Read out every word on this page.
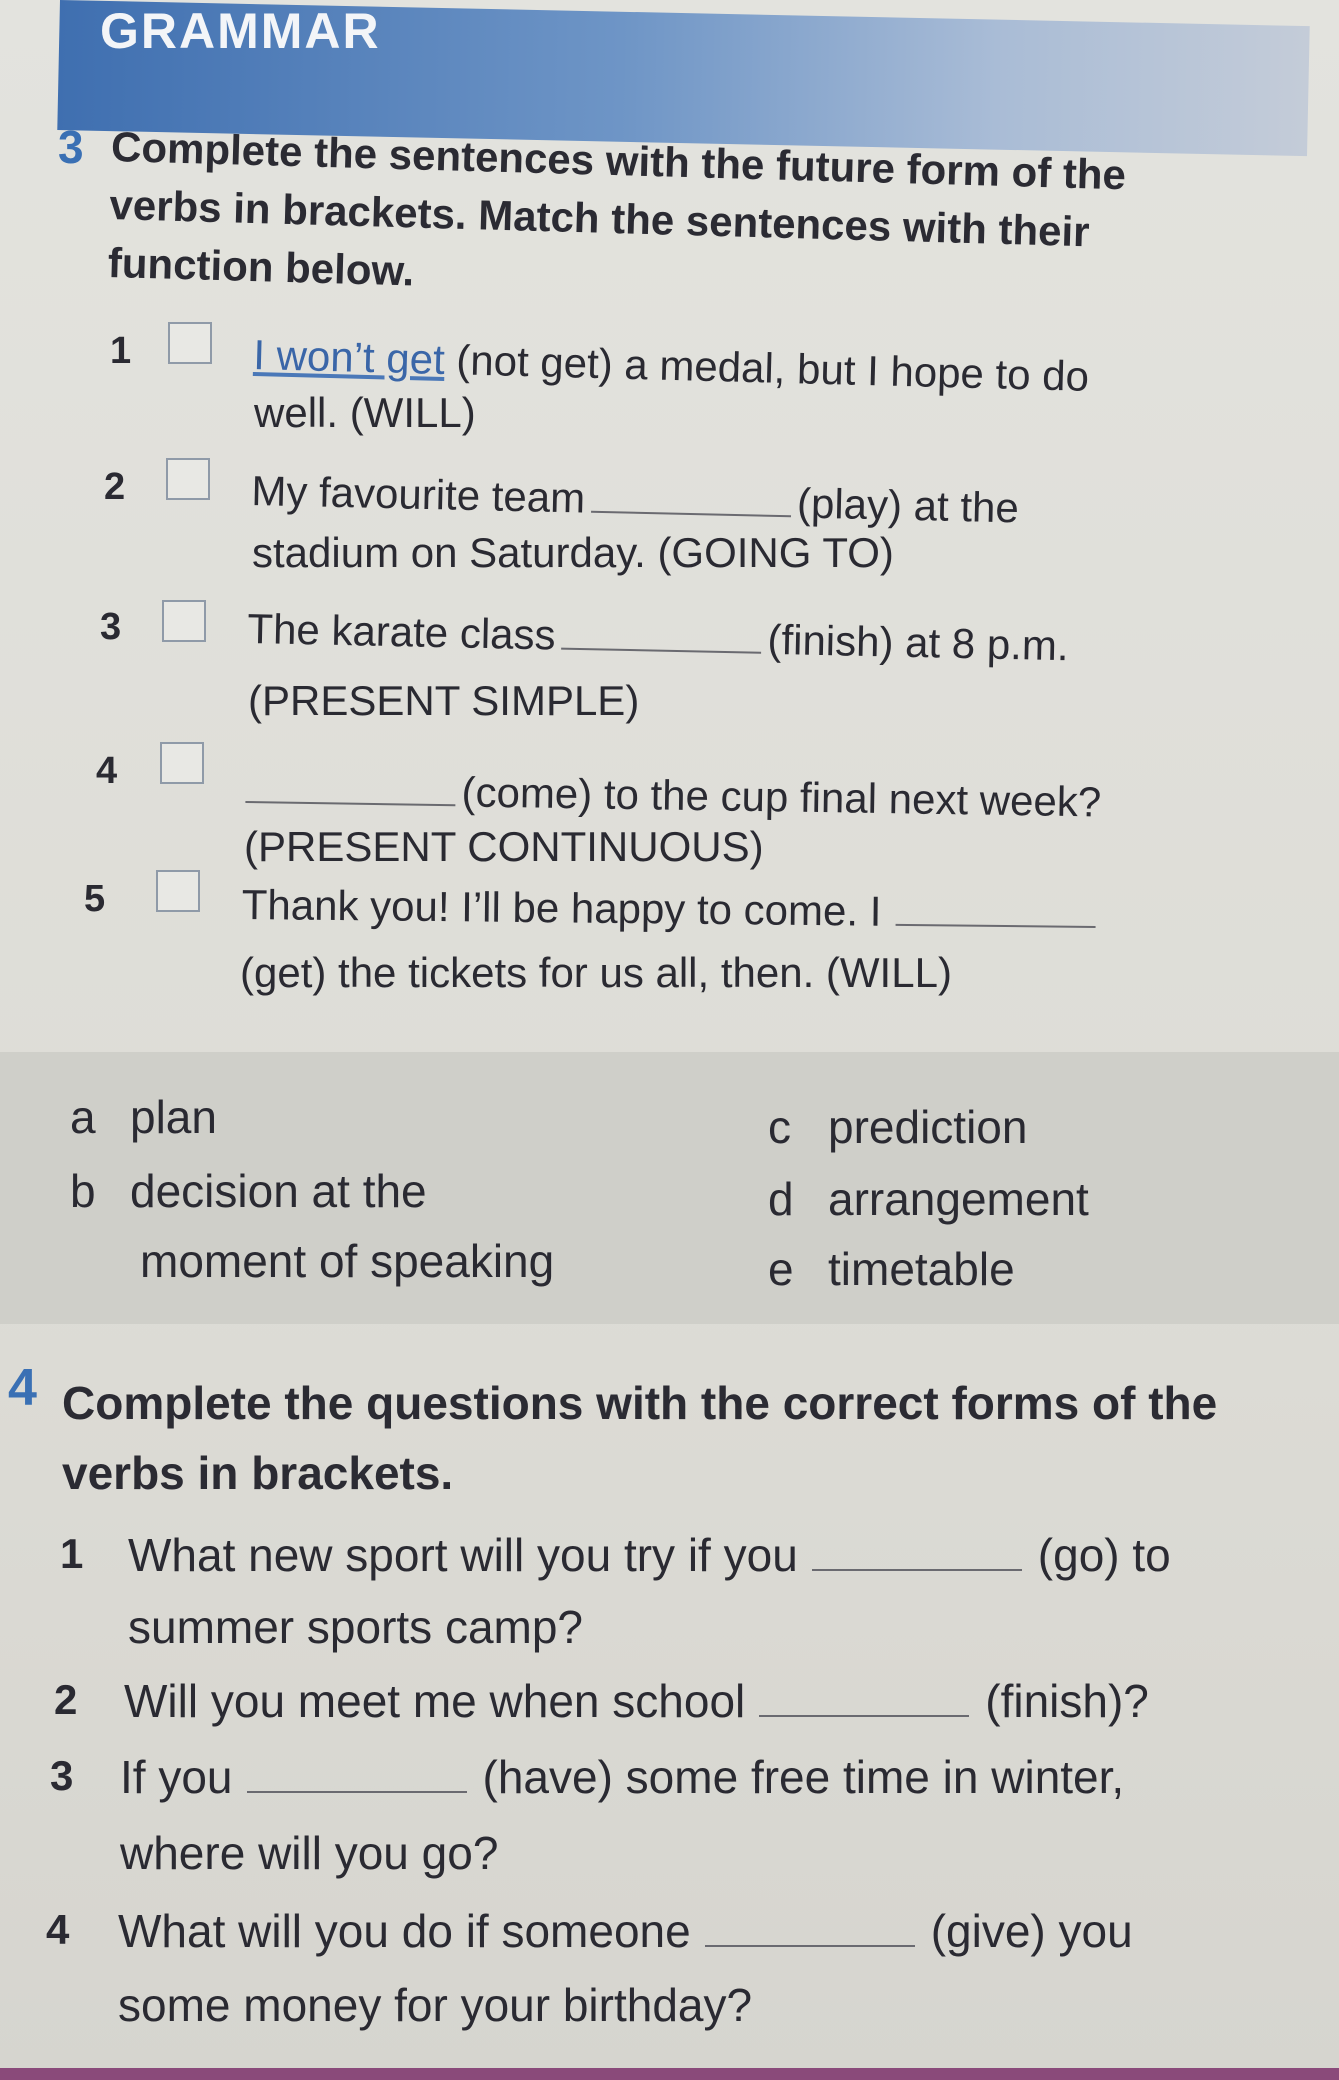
GRAMMAR
3 Complete the sentences with the future form of the
verbs in brackets. Match the sentences with their
function below.
1	I won’t get (not get) a medal, but I hope to do
well. (WILL)
2	My favourite team	(play) at the
stadium on Saturday. (GOING TO)
3	The karate class	(finish) at 8 p.m.
(PRESENT SIMPLE)
4	(come) to the cup final next week?
(PRESENT CONTINUOUS)
5	Thank you! I’ll be happy to come. I
(get) the tickets for us all, then. (WILL)
a plan
b decision at the
moment of speaking
c prediction
d arrangement
e timetable
4 Complete the questions with the correct forms of the
verbs in brackets.
1 What new sport will you try if you	(go) to
summer sports camp?
2 Will you meet me when school	(finish)?
3 If you	(have) some free time in winter,
where will you go?
4 What will you do if someone	(give) you
some money for your birthday?
